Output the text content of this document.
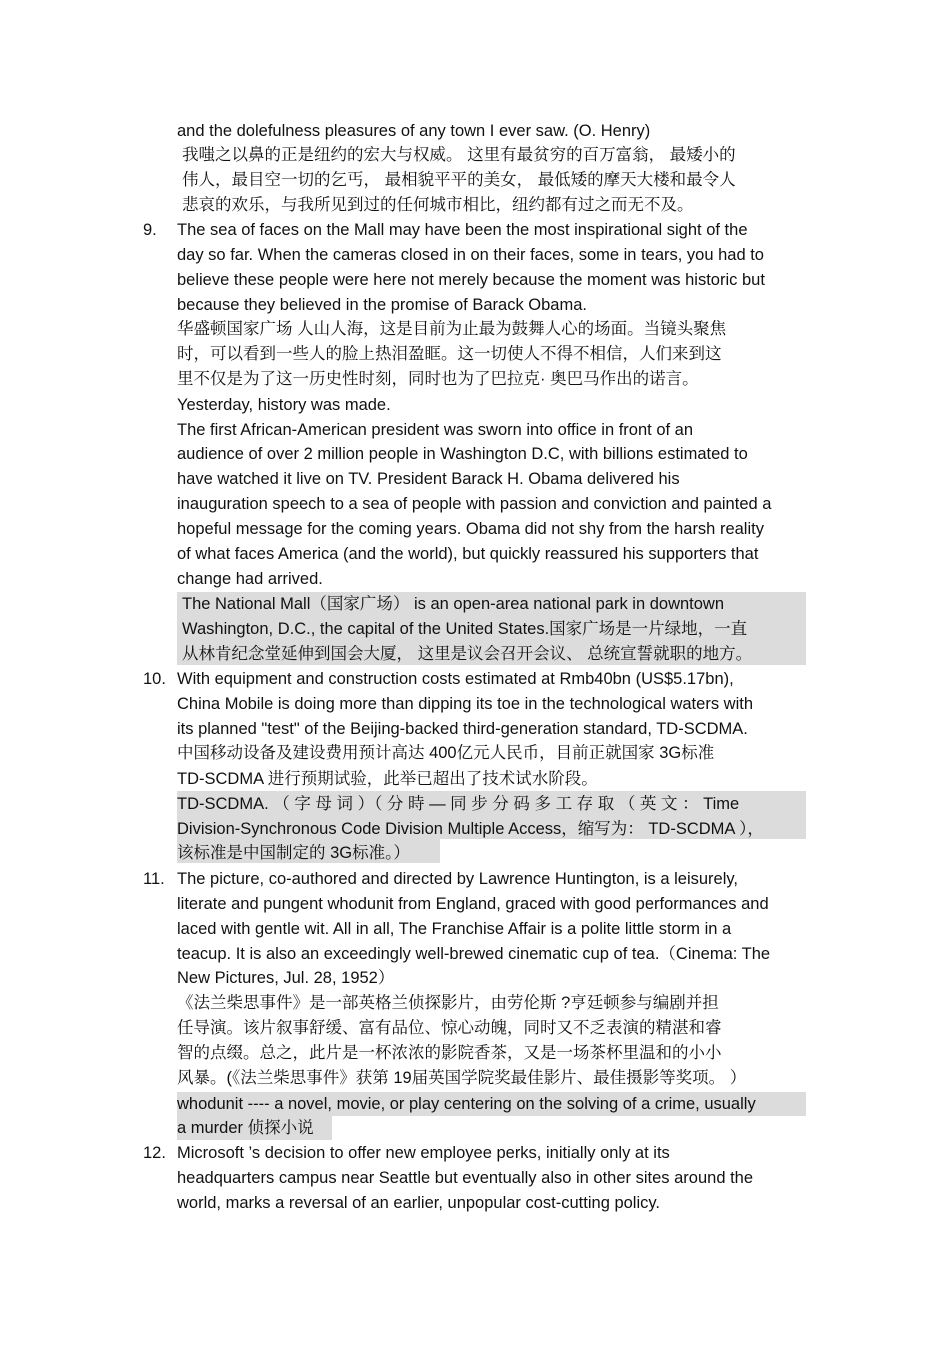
9.
10.
11.
12.
and the dolefulness pleasures of any town I ever saw. (O. Henry)
我嗤之以鼻的正是纽约的宏大与权威。 这里有最贫穷的百万富翁， 最矮小的
伟人，最目空一切的乞丐， 最相貌平平的美女， 最低矮的摩天大楼和最令人
悲哀的欢乐，与我所见到过的任何城市相比，纽约都有过之而无不及。
The sea of faces on the Mall may have been the most inspirational sight of the
day so far. When the cameras closed in on their faces, some in tears, you had to
believe these people were here not merely because the moment was historic but
because they believed in the promise of Barack Obama.
华盛顿国家广场 人山人海，这是目前为止最为鼓舞人心的场面。当镜头聚焦
时，可以看到一些人的脸上热泪盈眶。这一切使人不得不相信，人们来到这
里不仅是为了这一历史性时刻，同时也为了巴拉克· 奥巴马作出的诺言。
Yesterday, history was made.
The first African-American president was sworn into office in front of an
audience of over 2 million people in Washington D.C, with billions estimated to
have watched it live on TV. President Barack H. Obama delivered his
inauguration speech to a sea of people with passion and conviction and painted a
hopeful message for the coming years. Obama did not shy from the harsh reality
of what faces America (and the world), but quickly reassured his supporters that
change had arrived.
The National Mall（国家广场） is an open-area national park in downtown
Washington, D.C., the capital of the United States.国家广场是一片绿地，一直
从林肯纪念堂延伸到国会大厦， 这里是议会召开会议、 总统宣誓就职的地方。
With equipment and construction costs estimated at Rmb40bn (US$5.17bn),
China Mobile is doing more than dipping its toe in the technological waters with
its planned "test" of the Beijing-backed third-generation standard, TD-SCDMA.
中国移动设备及建设费用预计高达 400亿元人民币，目前正就国家 3G标准
TD-SCDMA 进行预期试验，此举已超出了技术试水阶段。
TD-SCDMA. （ 字 母 词 ）（ 分 時 — 同 步 分 码 多 工 存 取 （ 英 文 ： Time
Division-Synchronous Code Division Multiple Access，缩写为： TD-SCDMA ），
该标准是中国制定的 3G标准。）
The picture, co-authored and directed by Lawrence Huntington, is a leisurely,
literate and pungent whodunit from England, graced with good performances and
laced with gentle wit. All in all, The Franchise Affair is a polite little storm in a
teacup. It is also an exceedingly well-brewed cinematic cup of tea.（Cinema: The
New Pictures, Jul. 28, 1952）
《法兰柴思事件》是一部英格兰侦探影片，由劳伦斯 ?亨廷顿参与编剧并担
任导演。该片叙事舒缓、富有品位、惊心动魄，同时又不乏表演的精湛和睿
智的点缀。总之，此片是一杯浓浓的影院香茶，又是一场茶杯里温和的小小
风暴。(《法兰柴思事件》获第 19届英国学院奖最佳影片、最佳摄影等奖项。 ）
whodunit ---- a novel, movie, or play centering on the solving of a crime, usually
a murder 侦探小说
Microsoft ’s decision to offer new employee perks, initially only at its
headquarters campus near Seattle but eventually also in other sites around the
world, marks a reversal of an earlier, unpopular cost-cutting policy.
